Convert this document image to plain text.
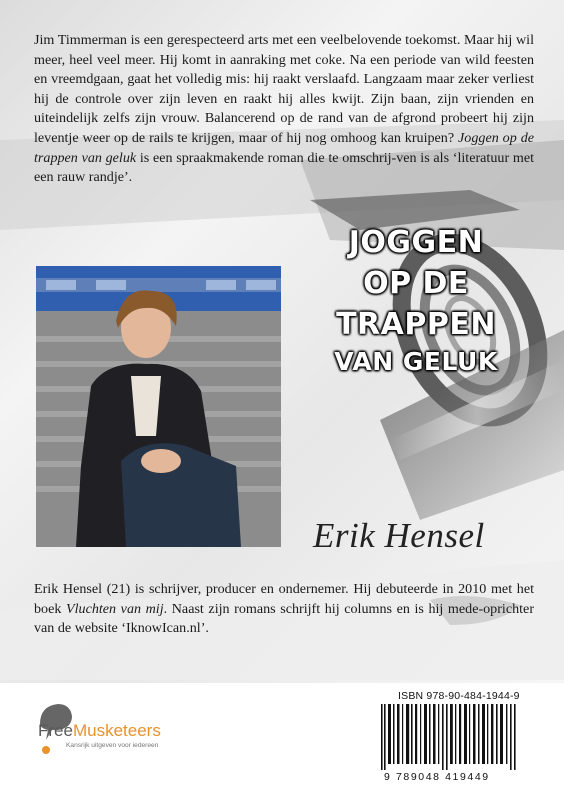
Jim Timmerman is een gerespecteerd arts met een veelbelovende toekomst. Maar hij wil meer, heel veel meer. Hij komt in aanraking met coke. Na een periode van wild feesten en vreemdgaan, gaat het volledig mis: hij raakt verslaafd. Langzaam maar zeker verliest hij de controle over zijn leven en raakt hij alles kwijt. Zijn baan, zijn vrienden en uiteindelijk zelfs zijn vrouw. Balancerend op de rand van de afgrond probeert hij zijn leventje weer op de rails te krijgen, maar of hij nog omhoog kan kruipen? Joggen op de trappen van geluk is een spraakmakende roman die te omschrij-ven is als ‘literatuur met een rauw randje’.
JOGGEN
OP DE
TRAPPEN
VAN GELUK
Erik Hensel
Erik Hensel (21) is schrijver, producer en ondernemer. Hij debuteerde in 2010 met het boek Vluchten van mij. Naast zijn romans schrijft hij columns en is hij mede-oprichter van de website ‘IknowIcan.nl’.
FreeMusketeers
Kansrijk uitgeven voor iedereen
ISBN 978-90-484-1944-9
9 789048 419449
